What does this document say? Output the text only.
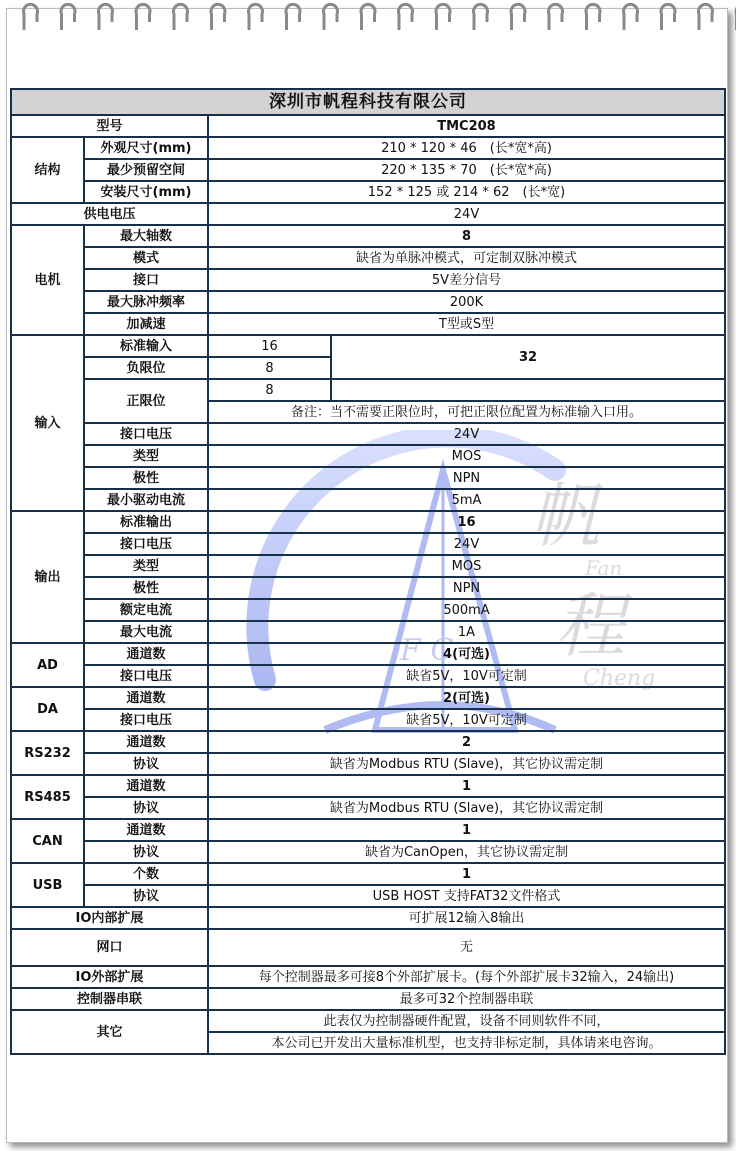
帆
Fan
程
Cheng
F C
深圳市帆程科技有限公司			
型号		TMC208	
结构	外观尺寸(mm)	210 * 120 * 46　(长*宽*高)	
	最少预留空间	220 * 135 * 70　(长*宽*高)	
	安装尺寸(mm)	152 * 125 或 214 * 62　(长*宽)	
供电电压		24V	
电机	最大轴数	8	
	模式	缺省为单脉冲模式，可定制双脉冲模式	
	接口	5V差分信号	
	最大脉冲频率	200K	
	加减速	T型或S型	
输入	标准输入	16	32
	负限位	8	
	正限位	8	

		备注：当不需要正限位时，可把正限位配置为标准输入口用。	
	接口电压	24V	
	类型	MOS	
	极性	NPN	
	最小驱动电流	5mA	
输出	标准输出	16	
	接口电压	24V	
	类型	MOS	
	极性	NPN	
	额定电流	500mA	
	最大电流	1A	
AD	通道数	4(可选)	
	接口电压	缺省5V，10V可定制	
DA	通道数	2(可选)	
	接口电压	缺省5V，10V可定制	
RS232	通道数	2	
	协议	缺省为Modbus RTU (Slave)，其它协议需定制	
RS485	通道数	1	
	协议	缺省为Modbus RTU (Slave)，其它协议需定制	
CAN	通道数	1	
	协议	缺省为CanOpen，其它协议需定制	
USB	个数	1	
	协议	USB HOST 支持FAT32文件格式	
IO内部扩展		可扩展12输入8输出	
网口		无	
IO外部扩展		每个控制器最多可接8个外部扩展卡。(每个外部扩展卡32输入，24输出)	
控制器串联		最多可32个控制器串联	
其它		此表仅为控制器硬件配置，设备不同则软件不同，	
		本公司已开发出大量标准机型，也支持非标定制，具体请来电咨询。	
